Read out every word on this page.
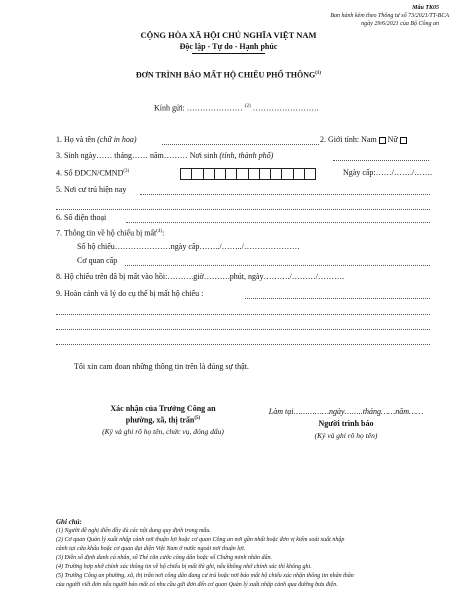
Mẫu TK05
Ban hành kèm theo Thông tư số 73/2021/TT-BCA
ngày 29/6/2021 của Bộ Công an
CỘNG HÒA XÃ HỘI CHỦ NGHĨA VIỆT NAM
Độc lập - Tự do - Hạnh phúc
ĐƠN TRÌNH BÁO MẤT HỘ CHIẾU PHỔ THÔNG$^{(1)}$
Kính gửi: ………………… $^{(2)}$ …………………….
1. Họ và tên (chữ in hoa)	2. Giới tính: Nam Nữ
3. Sinh ngày…… tháng…… năm……… Nơi sinh (tỉnh, thành phố)
4. Số ĐDCN/CMND$^{(3)}$	Ngày cấp:……/……./…….
5. Nơi cư trú hiện nay
6. Số điện thoại
7. Thông tin về hộ chiếu bị mất$^{(4)}$:
Số hộ chiếu…………………ngày cấp……../……../…………………
Cơ quan cấp
8. Hộ chiếu trên đã bị mất vào hồi:……….giờ……….phút, ngày………./………/……….
9. Hoàn cảnh và lý do cụ thể bị mất hộ chiếu :
Tôi xin cam đoan những thông tin trên là đúng sự thật.
Xác nhận của Trưởng Công an
phường, xã, thị trấn$^{(5)}$
(Ký và ghi rõ họ tên, chức vụ, đóng dấu)
Làm tại……………ngày……..tháng……năm……
Người trình báo
(Ký và ghi rõ họ tên)
Ghi chú:
(1) Người đề nghị điền đầy đủ các nội dung quy định trong mẫu.
(2) Cơ quan Quản lý xuất nhập cảnh nơi thuận lợi hoặc cơ quan Công an nơi gần nhất hoặc đơn vị kiểm soát xuất nhập
cảnh tại cửa khẩu hoặc cơ quan đại diện Việt Nam ở nước ngoài nơi thuận lợi.
(3) Điền số định danh cá nhân, số Thẻ căn cước công dân hoặc số Chứng minh nhân dân.
(4) Trường hợp nhớ chính xác thông tin về hộ chiếu bị mất thì ghi, nếu không nhớ chính xác thì không ghi.
(5) Trưởng Công an phường, xã, thị trấn nơi công dân đang cư trú hoặc nơi báo mất hộ chiếu xác nhận thông tin nhân thân
của người viết đơn nếu người báo mất có nhu cầu gửi đơn đến cơ quan Quản lý xuất nhập cảnh qua đường bưu điện.
